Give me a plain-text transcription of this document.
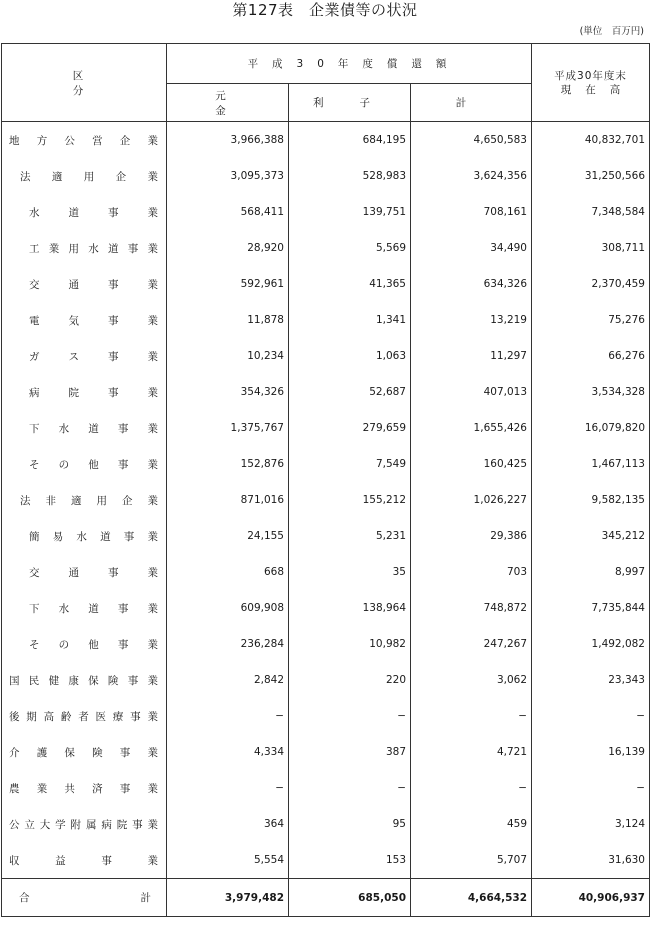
第127表　企業債等の状況
(単位　百万円)
区分	平成30年度償還額			平成30年度末
現在高

	元金	利子	計	
地方公営企業	3,966,388	684,195	4,650,583	40,832,701
法適用企業	3,095,373	528,983	3,624,356	31,250,566
水道事業	568,411	139,751	708,161	7,348,584
工業用水道事業	28,920	5,569	34,490	308,711
交通事業	592,961	41,365	634,326	2,370,459
電気事業	11,878	1,341	13,219	75,276
ガス事業	10,234	1,063	11,297	66,276
病院事業	354,326	52,687	407,013	3,534,328
下水道事業	1,375,767	279,659	1,655,426	16,079,820
その他事業	152,876	7,549	160,425	1,467,113
法非適用企業	871,016	155,212	1,026,227	9,582,135
簡易水道事業	24,155	5,231	29,386	345,212
交通事業	668	35	703	8,997
下水道事業	609,908	138,964	748,872	7,735,844
その他事業	236,284	10,982	247,267	1,492,082
国民健康保険事業	2,842	220	3,062	23,343
後期高齢者医療事業	−	−	−	−
介護保険事業	4,334	387	4,721	16,139
農業共済事業	−	−	−	−
公立大学附属病院事業	364	95	459	3,124
収益事業	5,554	153	5,707	31,630
合計	3,979,482	685,050	4,664,532	40,906,937
